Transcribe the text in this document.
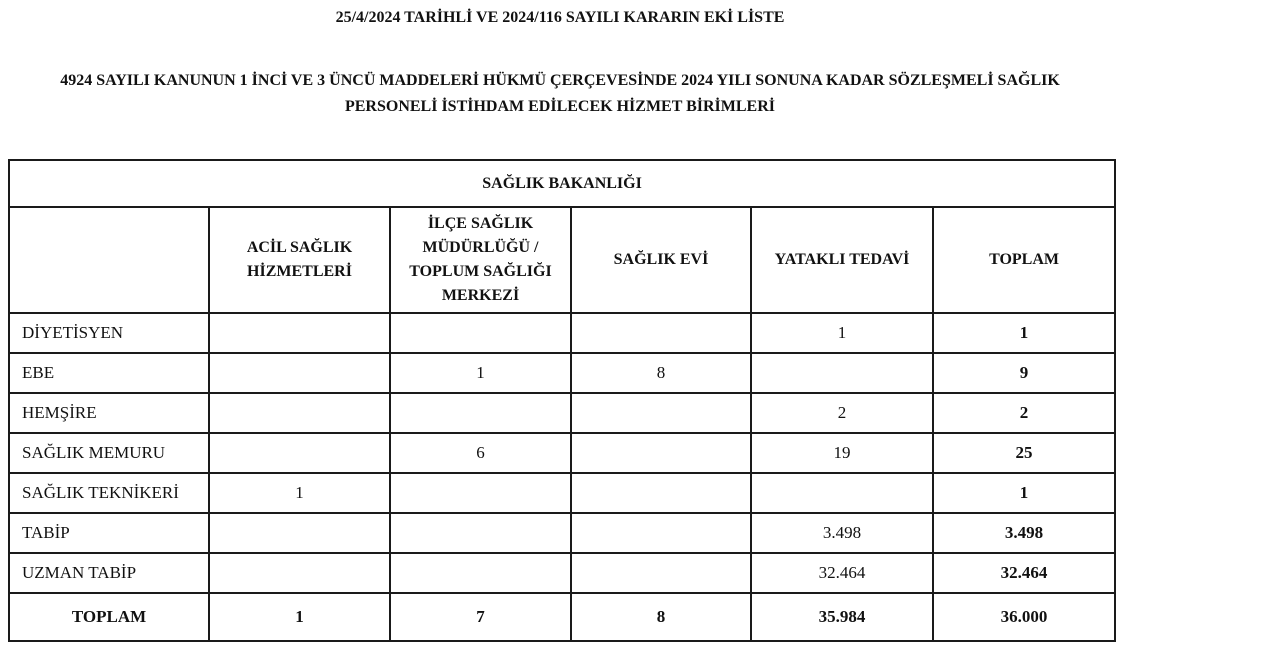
25/4/2024 TARİHLİ VE 2024/116 SAYILI KARARIN EKİ LİSTE

4924 SAYILI KANUNUN 1 İNCİ VE 3 ÜNCÜ MADDELERİ HÜKMÜ ÇERÇEVESİNDE 2024 YILI SONUNA KADAR SÖZLEŞMELİ SAĞLIK

PERSONELİ İSTİHDAM EDİLECEK HİZMET BİRİMLERİ

SAĞLIK BAKANLIĞI					
	ACİL SAĞLIK HİZMETLERİ	İLÇE SAĞLIK MÜDÜRLÜĞÜ / TOPLUM SAĞLIĞI MERKEZİ	SAĞLIK EVİ	YATAKLI TEDAVİ	TOPLAM
DİYETİSYEN				1	1
EBE		1	8		9
HEMŞİRE				2	2
SAĞLIK MEMURU		6		19	25
SAĞLIK TEKNİKERİ	1				1
TABİP				3.498	3.498
UZMAN TABİP				32.464	32.464
TOPLAM	1	7	8	35.984	36.000
